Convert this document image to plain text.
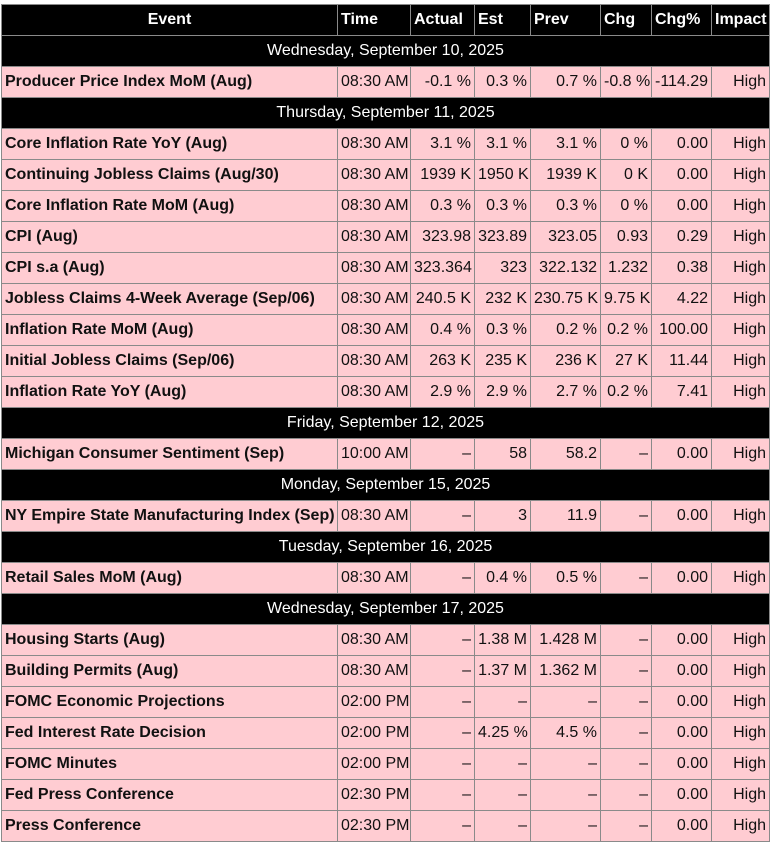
Event	Time	Actual	Est	Prev	Chg	Chg%	Impact
Wednesday, September 10, 2025							
Producer Price Index MoM (Aug)	08:30 AM	-0.1 %	0.3 %	0.7 %	-0.8 %	-114.29	High
Thursday, September 11, 2025							
Core Inflation Rate YoY (Aug)	08:30 AM	3.1 %	3.1 %	3.1 %	0 %	0.00	High
Continuing Jobless Claims (Aug/30)	08:30 AM	1939 K	1950 K	1939 K	0 K	0.00	High
Core Inflation Rate MoM (Aug)	08:30 AM	0.3 %	0.3 %	0.3 %	0 %	0.00	High
CPI (Aug)	08:30 AM	323.98	323.89	323.05	0.93	0.29	High
CPI s.a (Aug)	08:30 AM	323.364	323	322.132	1.232	0.38	High
Jobless Claims 4-Week Average (Sep/06)	08:30 AM	240.5 K	232 K	230.75 K	9.75 K	4.22	High
Inflation Rate MoM (Aug)	08:30 AM	0.4 %	0.3 %	0.2 %	0.2 %	100.00	High
Initial Jobless Claims (Sep/06)	08:30 AM	263 K	235 K	236 K	27 K	11.44	High
Inflation Rate YoY (Aug)	08:30 AM	2.9 %	2.9 %	2.7 %	0.2 %	7.41	High
Friday, September 12, 2025							
Michigan Consumer Sentiment (Sep)	10:00 AM	–	58	58.2	–	0.00	High
Monday, September 15, 2025							
NY Empire State Manufacturing Index (Sep)	08:30 AM	–	3	11.9	–	0.00	High
Tuesday, September 16, 2025							
Retail Sales MoM (Aug)	08:30 AM	–	0.4 %	0.5 %	–	0.00	High
Wednesday, September 17, 2025							
Housing Starts (Aug)	08:30 AM	–	1.38 M	1.428 M	–	0.00	High
Building Permits (Aug)	08:30 AM	–	1.37 M	1.362 M	–	0.00	High
FOMC Economic Projections	02:00 PM	–	–	–	–	0.00	High
Fed Interest Rate Decision	02:00 PM	–	4.25 %	4.5 %	–	0.00	High
FOMC Minutes	02:00 PM	–	–	–	–	0.00	High
Fed Press Conference	02:30 PM	–	–	–	–	0.00	High
Press Conference	02:30 PM	–	–	–	–	0.00	High
